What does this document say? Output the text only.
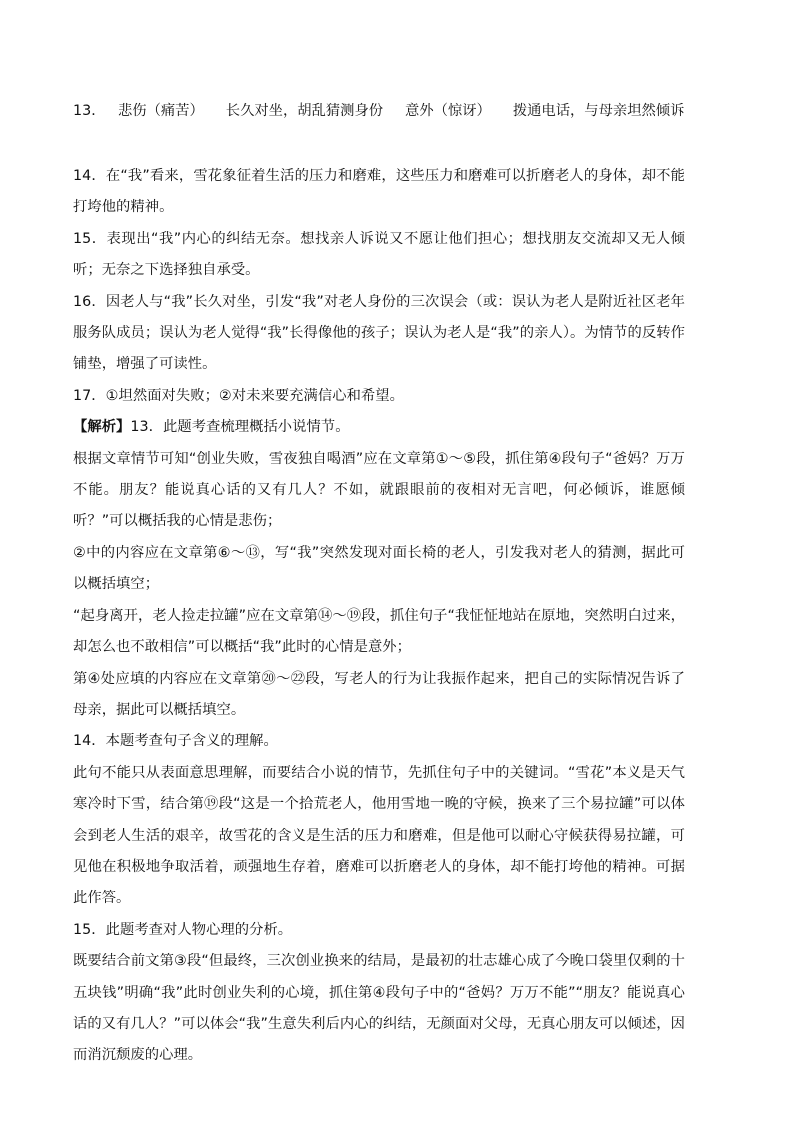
13． 悲伤（痛苦） 长久对坐，胡乱猜测身份 意外（惊讶） 拨通电话，与母亲坦然倾诉

14．在“我”看来，雪花象征着生活的压力和磨难，这些压力和磨难可以折磨老人的身体，却不能打垮他的精神。

15．表现出“我”内心的纠结无奈。想找亲人诉说又不愿让他们担心；想找朋友交流却又无人倾听；无奈之下选择独自承受。

16．因老人与“我”长久对坐，引发“我”对老人身份的三次误会（或：误认为老人是附近社区老年服务队成员；误认为老人觉得“我”长得像他的孩子；误认为老人是“我”的亲人）。为情节的反转作铺垫，增强了可读性。

17．①坦然面对失败；②对未来要充满信心和希望。

【解析】13．此题考查梳理概括小说情节。

根据文章情节可知“创业失败，雪夜独自喝酒”应在文章第①～⑤段，抓住第④段句子“爸妈？万万不能。朋友？能说真心话的又有几人？不如，就跟眼前的夜相对无言吧，何必倾诉，谁愿倾听？”可以概括我的心情是悲伤；

②中的内容应在文章第⑥～⑬，写“我”突然发现对面长椅的老人，引发我对老人的猜测，据此可以概括填空；

“起身离开，老人捡走拉罐”应在文章第⑭～⑲段，抓住句子“我怔怔地站在原地，突然明白过来，却怎么也不敢相信”可以概括“我”此时的心情是意外；

第④处应填的内容应在文章第⑳～㉒段，写老人的行为让我振作起来，把自己的实际情况告诉了母亲，据此可以概括填空。

14．本题考查句子含义的理解。

此句不能只从表面意思理解，而要结合小说的情节，先抓住句子中的关键词。“雪花”本义是天气寒冷时下雪，结合第⑲段“这是一个拾荒老人，他用雪地一晚的守候，换来了三个易拉罐”可以体会到老人生活的艰辛，故雪花的含义是生活的压力和磨难，但是他可以耐心守候获得易拉罐，可见他在积极地争取活着，顽强地生存着，磨难可以折磨老人的身体，却不能打垮他的精神。可据此作答。

15．此题考查对人物心理的分析。

既要结合前文第③段“但最终，三次创业换来的结局，是最初的壮志雄心成了今晚口袋里仅剩的十五块钱”明确“我”此时创业失利的心境，抓住第④段句子中的“爸妈？万万不能”“朋友？能说真心话的又有几人？”可以体会“我”生意失利后内心的纠结，无颜面对父母，无真心朋友可以倾述，因而消沉颓废的心理。
